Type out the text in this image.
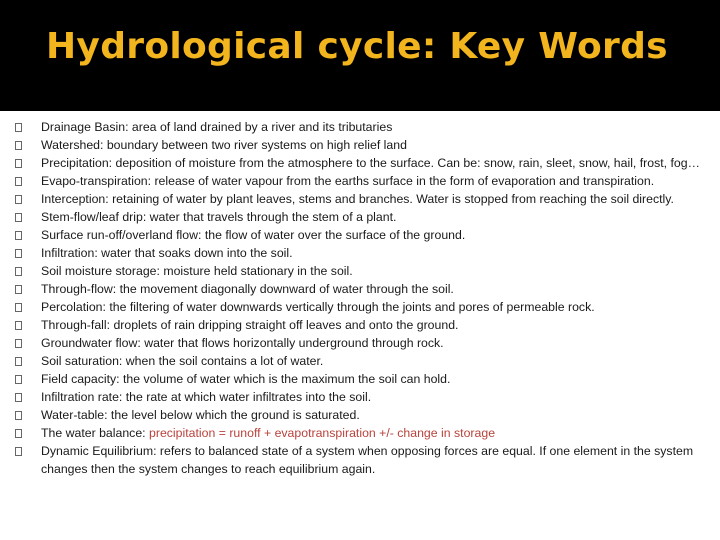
Hydrological cycle: Key Words
Drainage Basin: area of land drained by a river and its tributaries
Watershed: boundary between two river systems on high relief land
Precipitation: deposition of moisture from the atmosphere to the surface. Can be: snow, rain, sleet, snow, hail, frost, fog…
Evapo-transpiration: release of water vapour from the earths surface in the form of evaporation and transpiration.
Interception: retaining of water by plant leaves, stems and branches. Water is stopped from reaching the soil directly.
Stem-flow/leaf drip: water that travels through the stem of a plant.
Surface run-off/overland flow: the flow of water over the surface of the ground.
Infiltration: water that soaks down into the soil.
Soil moisture storage: moisture held stationary in the soil.
Through-flow: the movement diagonally downward of water through the soil.
Percolation: the filtering of water downwards vertically through the joints and pores of permeable rock.
Through-fall: droplets of rain dripping straight off leaves and onto the ground.
Groundwater flow: water that flows horizontally underground through rock.
Soil saturation: when the soil contains a lot of water.
Field capacity: the volume of water which is the maximum the soil can hold.
Infiltration rate: the rate at which water infiltrates into the soil.
Water-table: the level below which the ground is saturated.
The water balance: precipitation = runoff + evapotranspiration +/- change in storage
Dynamic Equilibrium: refers to balanced state of a system when opposing forces are equal. If one element in the system changes then the system changes to reach equilibrium again.
